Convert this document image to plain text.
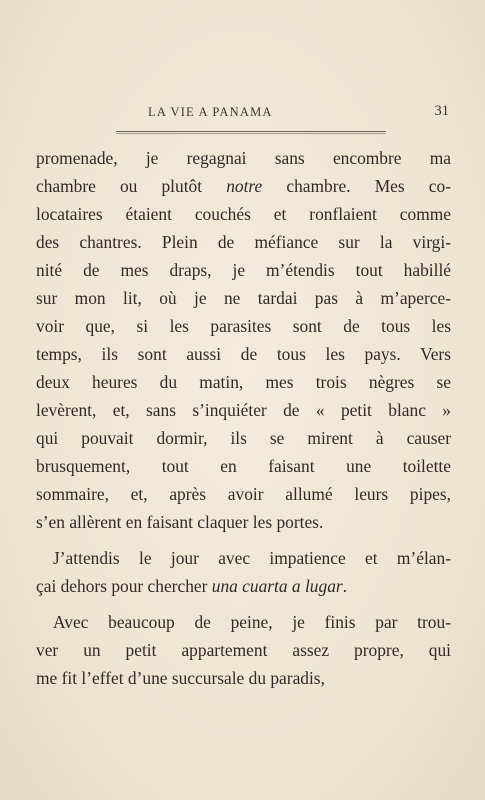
LA VIE A PANAMA	31
promenade, je regagnai sans encombre ma
chambre ou plutôt notre chambre. Mes co-
locataires étaient couchés et ronflaient comme
des chantres. Plein de méfiance sur la virgi-
nité de mes draps, je m’étendis tout habillé
sur mon lit, où je ne tardai pas à m’aperce-
voir que, si les parasites sont de tous les
temps, ils sont aussi de tous les pays. Vers
deux heures du matin, mes trois nègres se
levèrent, et, sans s’inquiéter de « petit blanc »
qui pouvait dormir, ils se mirent à causer
brusquement, tout en faisant une toilette
sommaire, et, après avoir allumé leurs pipes,
s’en allèrent en faisant claquer les portes.
J’attendis le jour avec impatience et m’élan-
çai dehors pour chercher una cuarta a lugar.
Avec beaucoup de peine, je finis par trou-
ver un petit appartement assez propre, qui
me fit l’effet d’une succursale du paradis,
